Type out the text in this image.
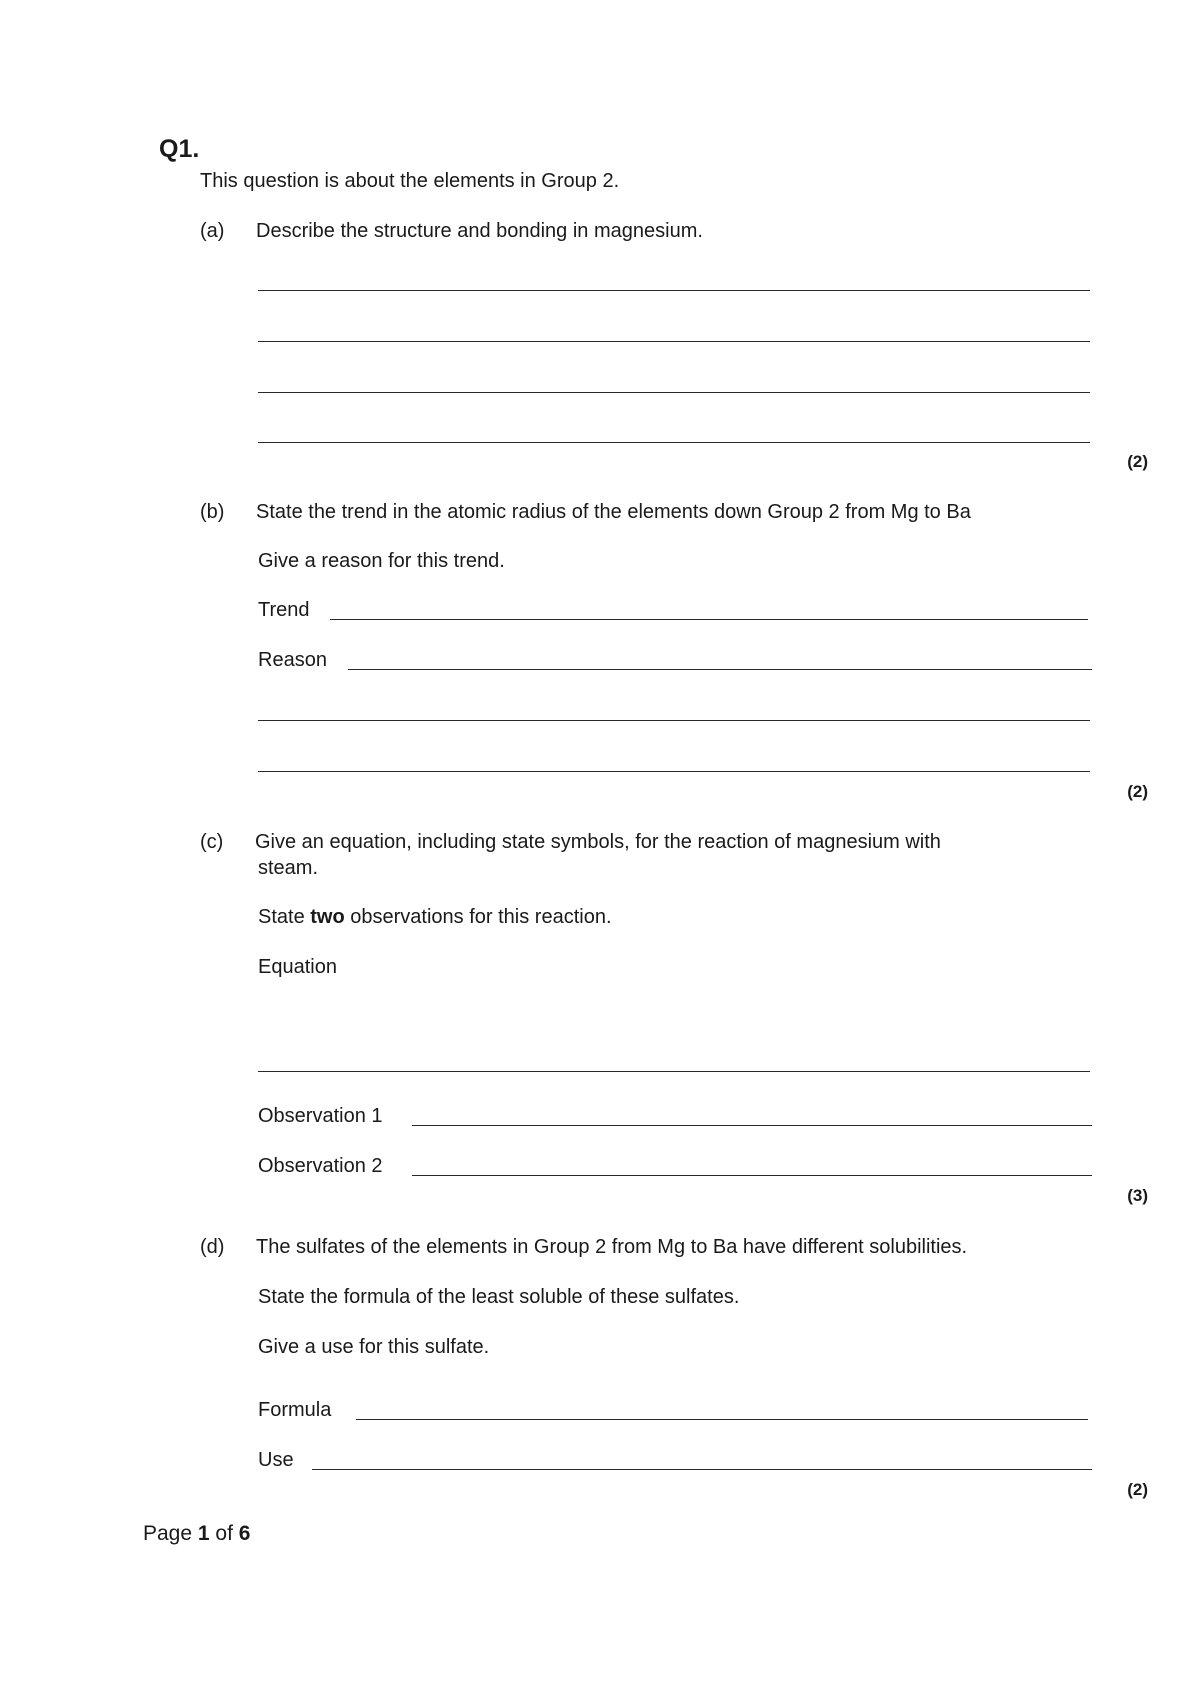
Q1.
This question is about the elements in Group 2.
(a) Describe the structure and bonding in magnesium.
(2)
(b) State the trend in the atomic radius of the elements down Group 2 from Mg to Ba
Give a reason for this trend.
Trend
Reason
(2)
(c) Give an equation, including state symbols, for the reaction of magnesium with
steam.
State two observations for this reaction.
Equation
Observation 1
Observation 2
(3)
(d) The sulfates of the elements in Group 2 from Mg to Ba have different solubilities.
State the formula of the least soluble of these sulfates.
Give a use for this sulfate.
Formula
Use
(2)
Page 1 of 6
